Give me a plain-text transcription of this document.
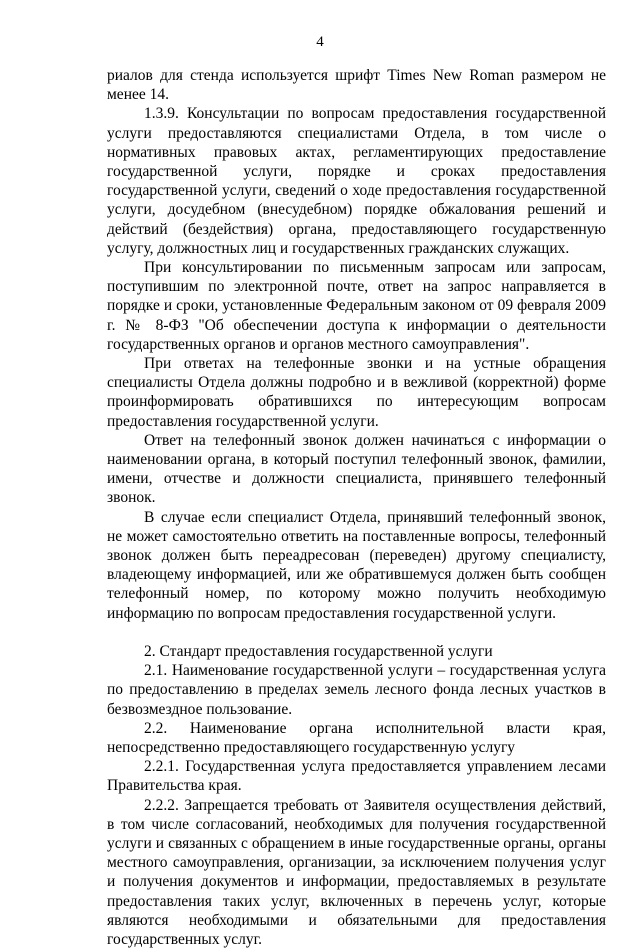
4

риалов для стенда используется шрифт Times New Roman размером не менее 14.

1.3.9. Консультации по вопросам предоставления государственной услуги предоставляются специалистами Отдела, в том числе о нормативных правовых актах, регламентирующих предоставление государственной услуги, порядке и сроках предоставления государственной услуги, сведений о ходе предоставления государственной услуги, досудебном (внесудебном) порядке обжалования решений и действий (бездействия) органа, предоставляющего государственную услугу, должностных лиц и государственных гражданских служащих.

При консультировании по письменным запросам или запросам, поступившим по электронной почте, ответ на запрос направляется в порядке и сроки, установленные Федеральным законом от 09 февраля 2009 г. № 8-ФЗ "Об обеспечении доступа к информации о деятельности государственных органов и органов местного самоуправления".

При ответах на телефонные звонки и на устные обращения специалисты Отдела должны подробно и в вежливой (корректной) форме проинформировать обратившихся по интересующим вопросам предоставления государственной услуги.

Ответ на телефонный звонок должен начинаться с информации о наименовании органа, в который поступил телефонный звонок, фамилии, имени, отчестве и должности специалиста, принявшего телефонный звонок.

В случае если специалист Отдела, принявший телефонный звонок, не может самостоятельно ответить на поставленные вопросы, телефонный звонок должен быть переадресован (переведен) другому специалисту, владеющему информацией, или же обратившемуся должен быть сообщен телефонный номер, по которому можно получить необходимую информацию по вопросам предоставления государственной услуги.

2. Стандарт предоставления государственной услуги

2.1. Наименование государственной услуги – государственная услуга по предоставлению в пределах земель лесного фонда лесных участков в безвозмездное пользование.

2.2. Наименование органа исполнительной власти края, непосредственно предоставляющего государственную услугу

2.2.1. Государственная услуга предоставляется управлением лесами Правительства края.

2.2.2. Запрещается требовать от Заявителя осуществления действий, в том числе согласований, необходимых для получения государственной услуги и связанных с обращением в иные государственные органы, органы местного самоуправления, организации, за исключением получения услуг и получения документов и информации, предоставляемых в результате предоставления таких услуг, включенных в перечень услуг, которые являются необходимыми и обязательными для предоставления государственных услуг.
